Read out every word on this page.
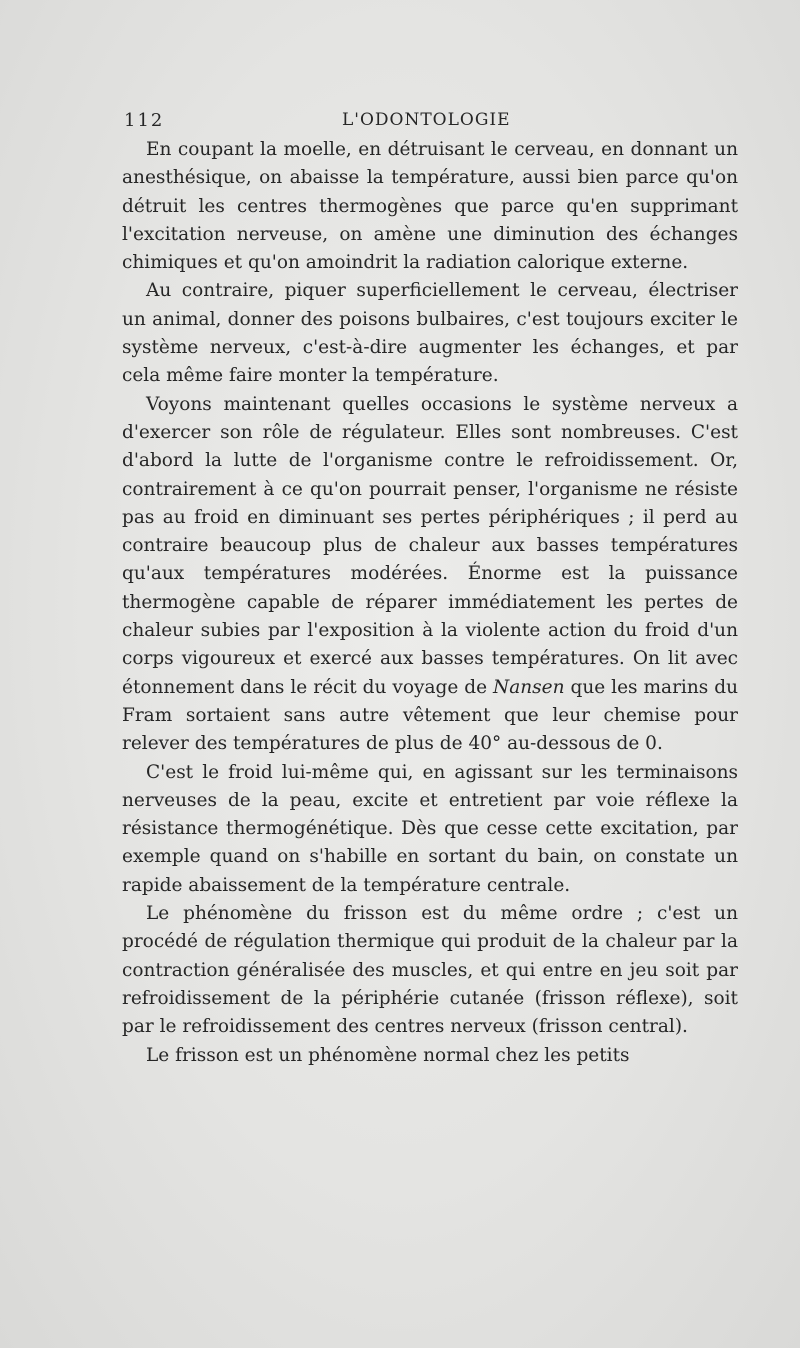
112	L'ODONTOLOGIE

En coupant la moelle, en détruisant le cerveau, en donnant un anesthésique, on abaisse la température, aussi bien parce qu'on détruit les centres thermogènes que parce qu'en supprimant l'excitation nerveuse, on amène une diminution des échanges chimiques et qu'on amoindrit la radiation calorique externe.

Au contraire, piquer superficiellement le cerveau, électriser un animal, donner des poisons bulbaires, c'est toujours exciter le système nerveux, c'est-à-dire augmenter les échanges, et par cela même faire monter la température.

Voyons maintenant quelles occasions le système nerveux a d'exercer son rôle de régulateur. Elles sont nombreuses. C'est d'abord la lutte de l'organisme contre le refroidissement. Or, contrairement à ce qu'on pourrait penser, l'organisme ne résiste pas au froid en diminuant ses pertes périphériques ; il perd au contraire beaucoup plus de chaleur aux basses températures qu'aux températures modérées. Énorme est la puissance thermogène capable de réparer immédiatement les pertes de chaleur subies par l'exposition à la violente action du froid d'un corps vigoureux et exercé aux basses températures. On lit avec étonnement dans le récit du voyage de Nansen que les marins du Fram sortaient sans autre vêtement que leur chemise pour relever des températures de plus de 40° au-dessous de 0.

C'est le froid lui-même qui, en agissant sur les terminaisons nerveuses de la peau, excite et entretient par voie réflexe la résistance thermogénétique. Dès que cesse cette excitation, par exemple quand on s'habille en sortant du bain, on constate un rapide abaissement de la température centrale.

Le phénomène du frisson est du même ordre ; c'est un procédé de régulation thermique qui produit de la chaleur par la contraction généralisée des muscles, et qui entre en jeu soit par refroidissement de la périphérie cutanée (frisson réflexe), soit par le refroidissement des centres nerveux (frisson central).

Le frisson est un phénomène normal chez les petits
